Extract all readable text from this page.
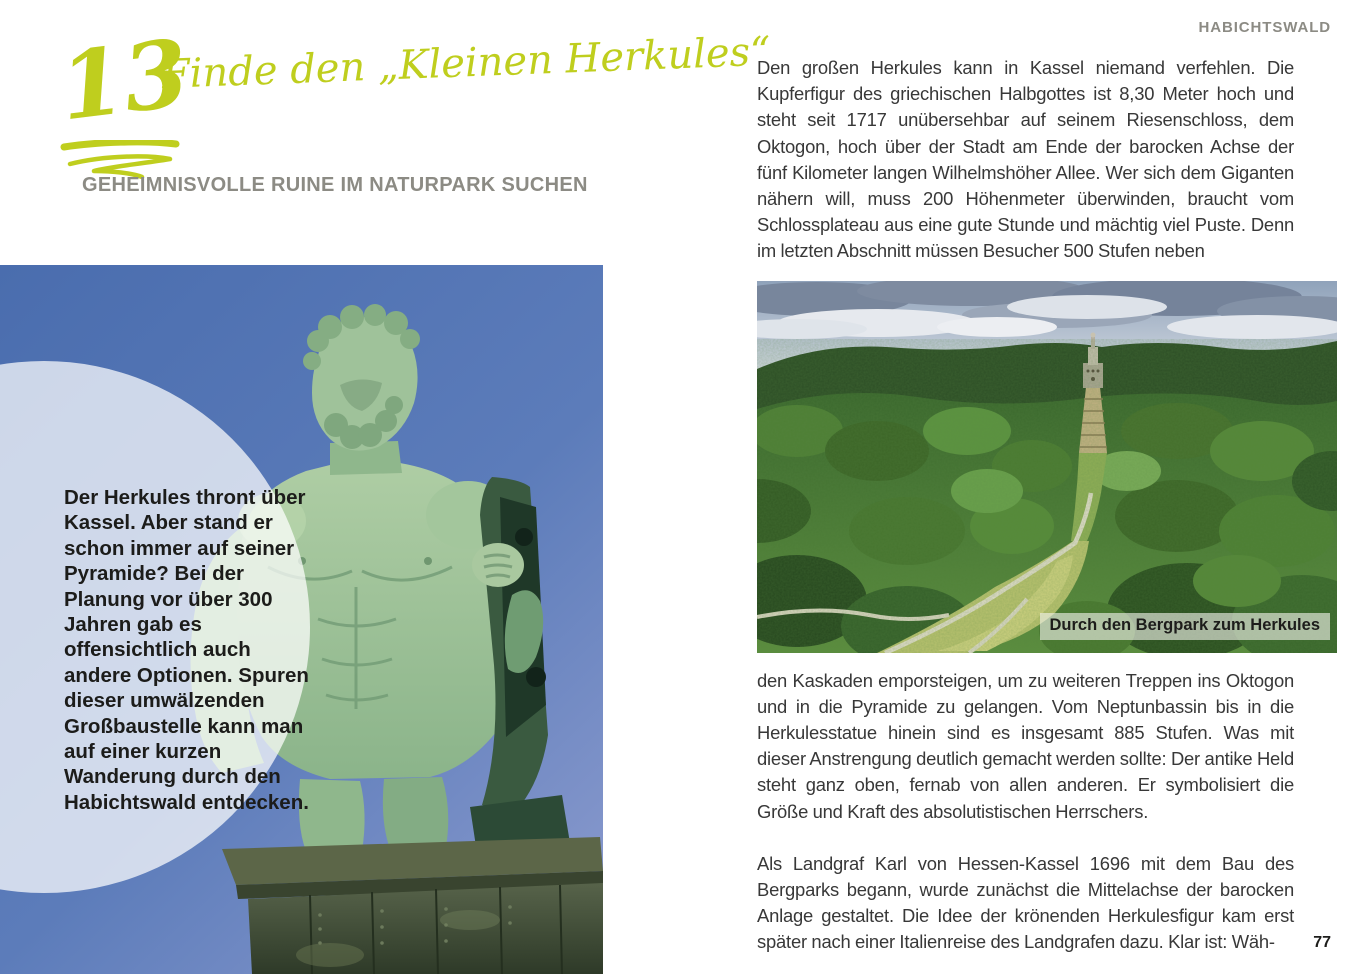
HABICHTSWALD
13
Finde den „Kleinen Herkules“
GEHEIMNISVOLLE RUINE IM NATURPARK SUCHEN
Der Herkules thront über Kassel. Aber stand er schon immer auf seiner Pyramide? Bei der Planung vor über 300 Jahren gab es offensichtlich auch andere Optionen. Spuren dieser umwälzenden Großbaustelle kann man auf einer kurzen Wanderung durch den Habichtswald entdecken.

Den großen Herkules kann in Kassel niemand verfehlen. Die Kupferfigur des griechischen Halbgottes ist 8,30 Meter hoch und steht seit 1717 unübersehbar auf seinem Riesenschloss, dem Oktogon, hoch über der Stadt am Ende der barocken Achse der fünf Kilometer langen Wilhelmshöher Allee. Wer sich dem Giganten nähern will, muss 200 Höhenmeter überwinden, braucht vom Schlossplateau aus eine gute Stunde und mächtig viel Puste. Denn im letzten Abschnitt müssen Besucher 500 Stufen neben

Durch den Bergpark zum Herkules

den Kaskaden emporsteigen, um zu weiteren Treppen ins Oktogon und in die Pyramide zu gelangen. Vom Neptunbassin bis in die Herkulesstatue hinein sind es insgesamt 885 Stufen. Was mit dieser Anstrengung deutlich gemacht werden sollte: Der antike Held steht ganz oben, fernab von allen anderen. Er symbolisiert die Größe und Kraft des absolutistischen Herrschers.

Als Landgraf Karl von Hessen-Kassel 1696 mit dem Bau des Bergparks begann, wurde zunächst die Mittelachse der barocken Anlage gestaltet. Die Idee der krönenden Herkulesfigur kam erst später nach einer Italienreise des Landgrafen dazu. Klar ist: Wäh-	77
